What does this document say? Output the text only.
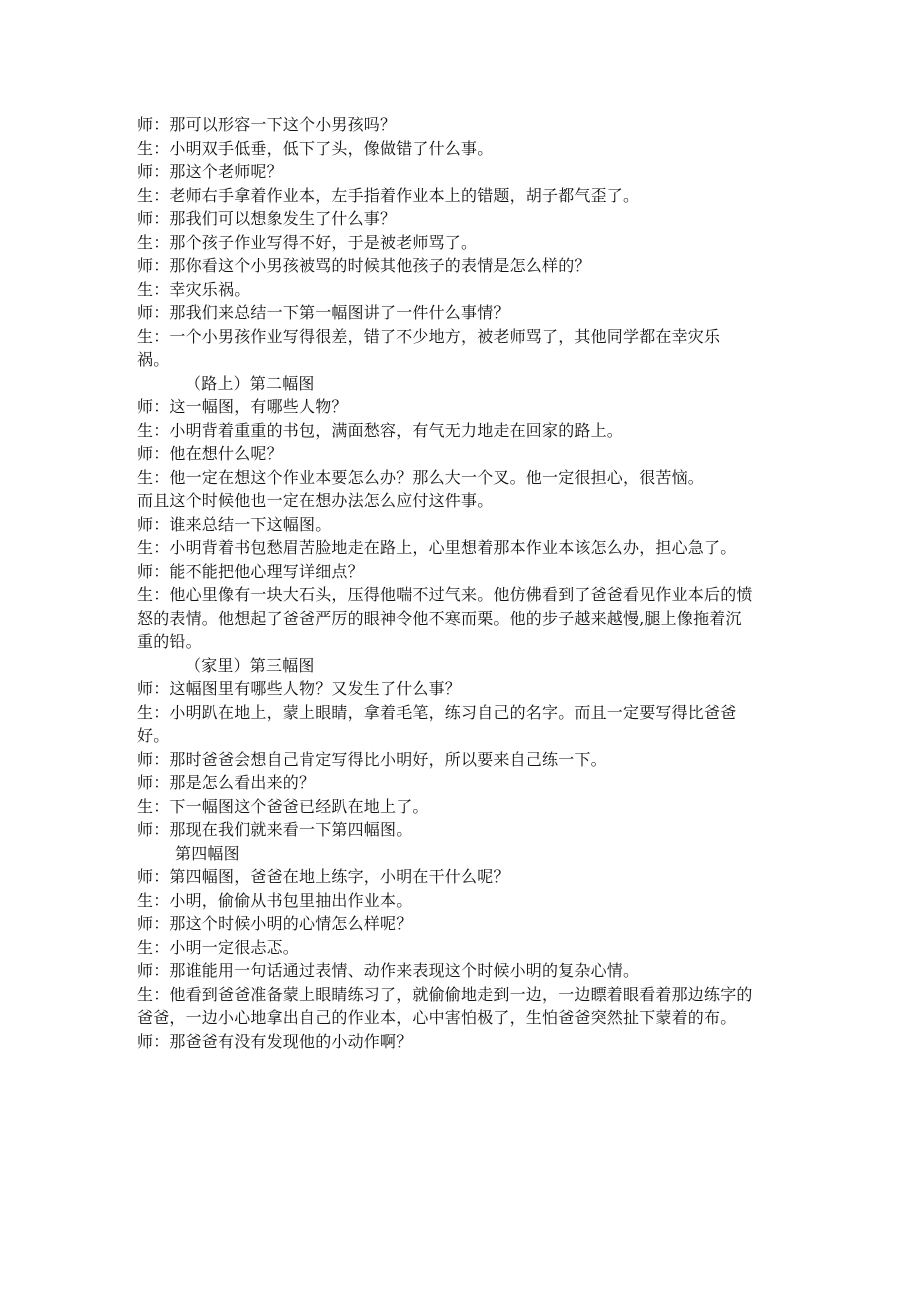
师：那可以形容一下这个小男孩吗？
生：小明双手低垂，低下了头，像做错了什么事。
师：那这个老师呢？
生：老师右手拿着作业本，左手指着作业本上的错题，胡子都气歪了。
师：那我们可以想象发生了什么事？
生：那个孩子作业写得不好，于是被老师骂了。
师：那你看这个小男孩被骂的时候其他孩子的表情是怎么样的？
生：幸灾乐祸。
师：那我们来总结一下第一幅图讲了一件什么事情？
生：一个小男孩作业写得很差，错了不少地方，被老师骂了，其他同学都在幸灾乐
祸。
（路上）第二幅图
师：这一幅图，有哪些人物？
生：小明背着重重的书包，满面愁容，有气无力地走在回家的路上。
师：他在想什么呢？
生：他一定在想这个作业本要怎么办？那么大一个叉。他一定很担心，很苦恼。
而且这个时候他也一定在想办法怎么应付这件事。
师：谁来总结一下这幅图。
生：小明背着书包愁眉苦脸地走在路上，心里想着那本作业本该怎么办，担心急了。
师：能不能把他心理写详细点？
生：他心里像有一块大石头，压得他喘不过气来。他仿佛看到了爸爸看见作业本后的愤
怒的表情。他想起了爸爸严厉的眼神令他不寒而栗。他的步子越来越慢,腿上像拖着沉
重的铅。
（家里）第三幅图
师：这幅图里有哪些人物？又发生了什么事？
生：小明趴在地上，蒙上眼睛，拿着毛笔，练习自己的名字。而且一定要写得比爸爸
好。
师：那时爸爸会想自己肯定写得比小明好，所以要来自己练一下。
师：那是怎么看出来的？
生：下一幅图这个爸爸已经趴在地上了。
师：那现在我们就来看一下第四幅图。
第四幅图
师：第四幅图，爸爸在地上练字，小明在干什么呢？
生：小明，偷偷从书包里抽出作业本。
师：那这个时候小明的心情怎么样呢？
生：小明一定很忐忑。
师：那谁能用一句话通过表情、动作来表现这个时候小明的复杂心情。
生：他看到爸爸准备蒙上眼睛练习了，就偷偷地走到一边，一边瞟着眼看着那边练字的
爸爸，一边小心地拿出自己的作业本，心中害怕极了，生怕爸爸突然扯下蒙着的布。
师：那爸爸有没有发现他的小动作啊？
